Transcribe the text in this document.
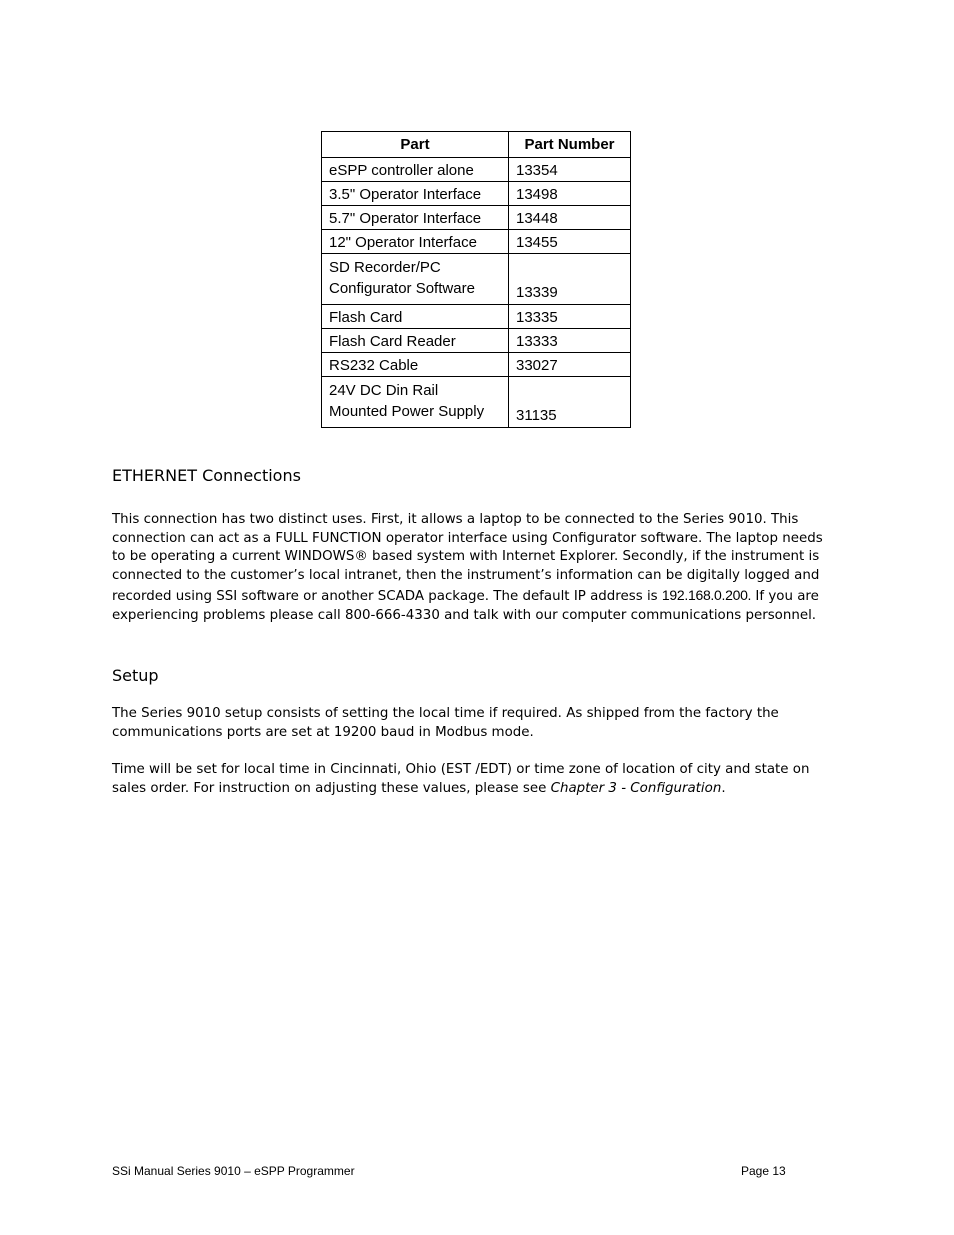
Part	Part Number
eSPP controller alone	13354
3.5" Operator Interface	13498
5.7" Operator Interface	13448
12" Operator Interface	13455
SD Recorder/PC
Configurator Software	13339
Flash Card	13335
Flash Card Reader	13333
RS232 Cable	33027
24V DC Din Rail
Mounted Power Supply	31135
ETHERNET Connections

This connection has two distinct uses. First, it allows a laptop to be connected to the Series 9010. This connection can act as a FULL FUNCTION operator interface using Configurator software. The laptop needs to be operating a current WINDOWS® based system with Internet Explorer. Secondly, if the instrument is connected to the customer’s local intranet, then the instrument’s information can be digitally logged and recorded using SSI software or another SCADA package. The default IP address is 192.168.0.200. If you are experiencing problems please call 800-666-4330 and talk with our computer communications personnel.

Setup

The Series 9010 setup consists of setting the local time if required. As shipped from the factory the communications ports are set at 19200 baud in Modbus mode.

Time will be set for local time in Cincinnati, Ohio (EST /EDT) or time zone of location of city and state on sales order. For instruction on adjusting these values, please see Chapter 3 - Configuration.

SSi Manual Series 9010 – eSPP Programmer	Page 13
